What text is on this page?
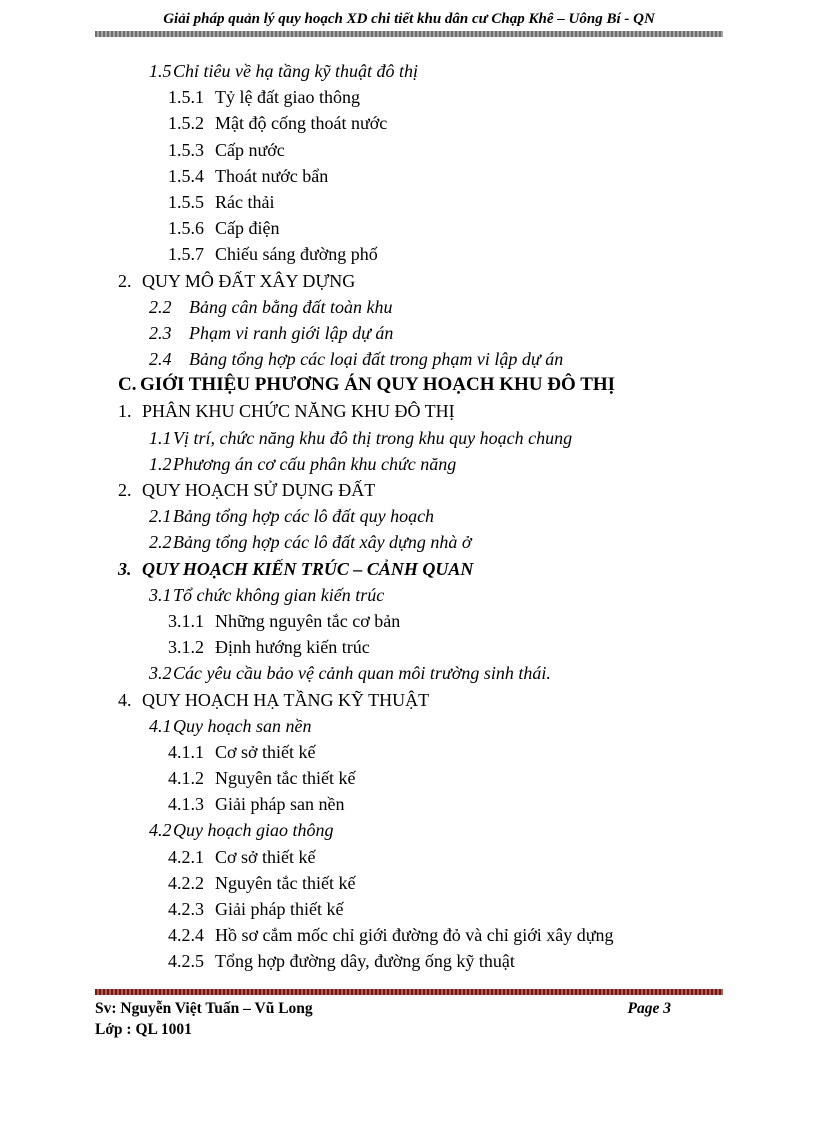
Giải pháp quản lý quy hoạch XD chi tiết khu dân cư Chạp Khê – Uông Bí - QN
1.5Chỉ tiêu về hạ tầng kỹ thuật đô thị
1.5.1 Tỷ lệ đất giao thông
1.5.2 Mật độ cống thoát nước
1.5.3 Cấp nước
1.5.4 Thoát nước bẩn
1.5.5 Rác thải
1.5.6 Cấp điện
1.5.7 Chiếu sáng đường phố
2. QUY MÔ ĐẤT XÂY DỰNG
2.2 Bảng cân bằng đất toàn khu
2.3 Phạm vi ranh giới lập dự án
2.4 Bảng tổng hợp các loại đất trong phạm vi lập dự án
C. GIỚI THIỆU PHƯƠNG ÁN QUY HOẠCH KHU ĐÔ THỊ
1. PHÂN KHU CHỨC NĂNG KHU ĐÔ THỊ
1.1Vị trí, chức năng khu đô thị trong khu quy hoạch chung
1.2Phương án cơ cấu phân khu chức năng
2. QUY HOẠCH SỬ DỤNG ĐẤT
2.1Bảng tổng hợp các lô đất quy hoạch
2.2Bảng tổng hợp các lô đất xây dựng nhà ở
3. QUY HOẠCH KIẾN TRÚC – CẢNH QUAN
3.1Tổ chức không gian kiến trúc
3.1.1 Những nguyên tắc cơ bản
3.1.2 Định hướng kiến trúc
3.2Các yêu cầu bảo vệ cảnh quan môi trường sinh thái.
4. QUY HOẠCH HẠ TẦNG KỸ THUẬT
4.1Quy hoạch san nền
4.1.1 Cơ sở thiết kế
4.1.2 Nguyên tắc thiết kế
4.1.3 Giải pháp san nền
4.2Quy hoạch giao thông
4.2.1 Cơ sở thiết kế
4.2.2 Nguyên tắc thiết kế
4.2.3 Giải pháp thiết kế
4.2.4 Hồ sơ cắm mốc chỉ giới đường đỏ và chỉ giới xây dựng
4.2.5 Tổng hợp đường dây, đường ống kỹ thuật
Sv: Nguyễn Việt Tuấn – Vũ Long
Lớp : QL 1001
Page 3
